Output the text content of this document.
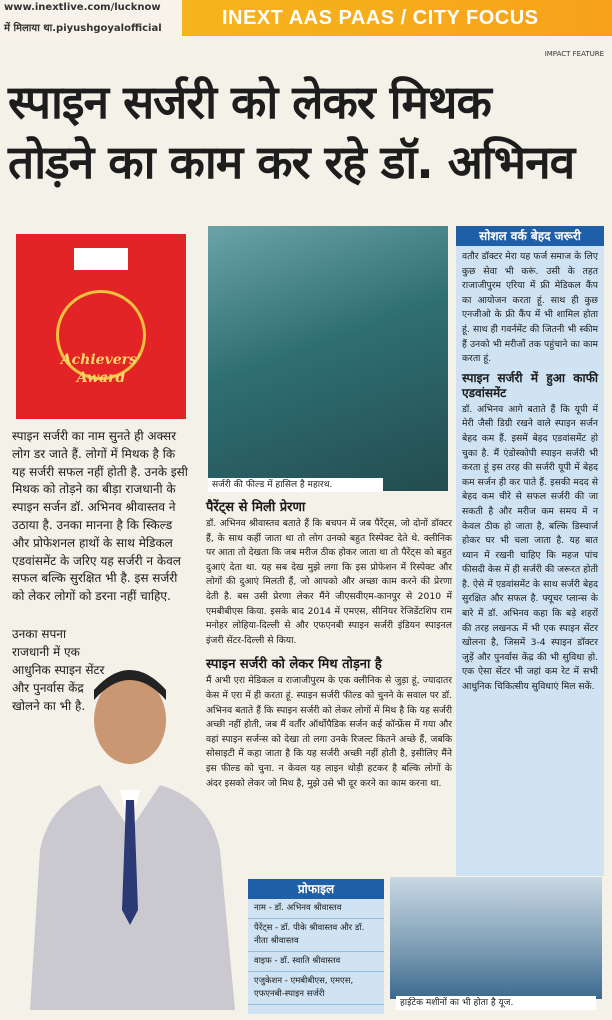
www.inextlive.com/lucknow
में मिलाया था.piyushgoyalofficial	INEXT AAS PAAS / CITY FOCUS
IMPACT FEATURE
स्पाइन सर्जरी को लेकर मिथक
तोड़ने का काम कर रहे डॉ. अभिनव
Achievers'
Award
स्पाइन सर्जरी का नाम सुनते ही अक्सर लोग डर जाते हैं. लोगों में मिथक है कि यह सर्जरी सफल नहीं होती है. उनके इसी मिथक को तोड़ने का बीड़ा राजधानी के स्पाइन सर्जन डॉ. अभिनव श्रीवास्तव ने उठाया है. उनका मानना है कि स्किल्ड और प्रोफेशनल हाथों के साथ मेडिकल एडवांसमेंट के जरिए यह सर्जरी न केवल सफल बल्कि सुरक्षित भी है. इस सर्जरी को लेकर लोगों को डरना नहीं चाहिए.
उनका सपना राजधानी में एक आधुनिक स्पाइन सेंटर और पुनर्वास केंद्र खोलने का भी है.
सर्जरी की फील्ड में हासिल है महारथ.
पैरेंट्स से मिली प्रेरणा
डॉ. अभिनव श्रीवास्तव बताते हैं कि बचपन में जब पैरेंट्स, जो दोनों डॉक्टर हैं, के साथ कहीं जाता था तो लोग उनको बहुत रिस्पेक्ट देते थे. क्लीनिक पर आता तो देखता कि जब मरीज ठीक होकर जाता था तो पैरेंट्स को बहुत दुआएं देता था. यह सब देख मुझे लगा कि इस प्रोफेशन में रिस्पेक्ट और लोगों की दुआएं मिलती हैं, जो आपको और अच्छा काम करने की प्रेरणा देती है. बस उसी प्रेरणा लेकर मैंने जीएसवीएम-कानपुर से 2010 में एमबीबीएस किया. इसके बाद 2014 में एमएस, सीनियर रेजिडेंटशिप राम मनोहर लोहिया-दिल्ली से और एफएनबी स्पाइन सर्जरी इंडियन स्पाइनल इंजरी सेंटर-दिल्ली से किया.
स्पाइन सर्जरी को लेकर मिथ तोड़ना है
मैं अभी एरा मेडिकल व राजाजीपुरम के एक क्लीनिक से जुड़ा हूं, ज्यादातर केस में एरा में ही करता हूं. स्पाइन सर्जरी फील्ड को चुनने के सवाल पर डॉ. अभिनव बताते हैं कि स्पाइन सर्जरी को लेकर लोगों में मिथ है कि यह सर्जरी अच्छी नहीं होती, जब मैं वर्तौर ऑर्थोपैडिक सर्जन कई कॉन्फ्रेंस में गया और वहां स्पाइन सर्जन्स को देखा तो लगा उनके रिजल्ट कितने अच्छे हैं, जबकि सोसाइटी में कहा जाता है कि यह सर्जरी अच्छी नहीं होती है, इसीलिए मैंने इस फील्ड को चुना. न केवल यह लाइन थोड़ी हटकर है बल्कि लोगों के अंदर इसको लेकर जो मिथ है, मुझे उसे भी दूर करने का काम करना था.
प्रोफाइल
नाम - डॉ. अभिनव श्रीवास्तव
पैरेंट्स - डॉ. पीके श्रीवास्तव और डॉ. नीता श्रीवास्तव
वाइफ - डॉ. स्वाति श्रीवास्तव
एजुकेशन - एमबीबीएस, एमएस, एफएनबी-स्पाइन सर्जरी
हाईटेक मशीनों का भी होता है यूज.
सोशल वर्क बेहद जरूरी
वतौर डॉक्टर मेरा यह फर्ज समाज के लिए कुछ सेवा भी करूं. उसी के तहत राजाजीपुरम एरिया में फ्री मेडिकल कैंप का आयोजन करता हूं. साथ ही कुछ एनजीओ के फ्री कैंप में भी शामिल होता हूं. साथ ही गवर्नमेंट की जितनी भी स्कीम हैं उनको भी मरीजों तक पहुंचाने का काम करता हूं.
स्पाइन सर्जरी में हुआ काफी एडवांसमेंट
डॉ. अभिनव आगे बताते हैं कि यूपी में मेरी जैसी डिग्री रखने वाले स्पाइन सर्जन बेहद कम हैं. इसमें बेहद एडवांसमेंट हो चुका है. मैं एंडोस्कोपी स्पाइन सर्जरी भी करता हूं इस तरह की सर्जरी यूपी में बेहद कम सर्जन ही कर पाते हैं. इसकी मदद से बेहद कम चीरे से सफल सर्जरी की जा सकती है और मरीज कम समय में न केवल ठीक हो जाता है, बल्कि डिस्चार्ज होकर घर भी चला जाता है. यह बात ध्यान में रखनी चाहिए कि महज पांच फीसदी केस में ही सर्जरी की जरूरत होती है. ऐसे में एडवांसमेंट के साथ सर्जरी बेहद सुरक्षित और सफल है. फ्यूचर प्लान्स के बारे में डॉ. अभिनव कहा कि बड़े शहरों की तरह लखनऊ में भी एक स्पाइन सेंटर खोलना है, जिसमें 3-4 स्पाइन डॉक्टर जुड़ें और पुनर्वास केंद्र की भी सुविधा हो. एक ऐसा सेंटर भी जहां कम रेट में सभी आधुनिक चिकित्सीय सुविधाएं मिल सकें.
